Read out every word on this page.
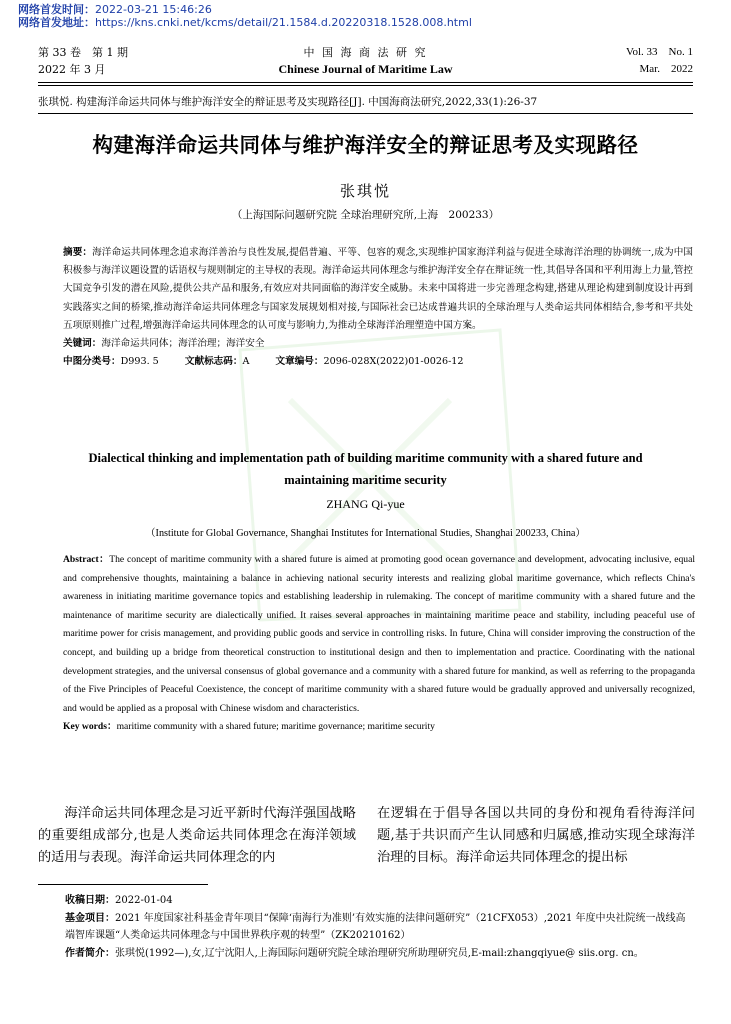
网络首发时间：2022-03-21 15:46:26
网络首发地址：https://kns.cnki.net/kcms/detail/21.1584.d.20220318.1528.008.html
第 33 卷　第 1 期
2022 年 3 月
中 国 海 商 法 研 究
Chinese Journal of Maritime Law
Vol. 33　No. 1
Mar.　2022
张琪悦. 构建海洋命运共同体与维护海洋安全的辩证思考及实现路径[J]. 中国海商法研究,2022,33(1):26-37
构建海洋命运共同体与维护海洋安全的辩证思考及实现路径
张琪悦
（上海国际问题研究院 全球治理研究所,上海　200233）
摘要：海洋命运共同体理念追求海洋善治与良性发展,提倡普遍、平等、包容的观念,实现维护国家海洋利益与促进全球海洋治理的协调统一,成为中国积极参与海洋议题设置的话语权与规则制定的主导权的表现。海洋命运共同体理念与维护海洋安全存在辩证统一性,其倡导各国和平利用海上力量,管控大国竞争引发的潜在风险,提供公共产品和服务,有效应对共同面临的海洋安全威胁。未来中国将进一步完善理念构建,搭建从理论构建到制度设计再到实践落实之间的桥梁,推动海洋命运共同体理念与国家发展规划相对接,与国际社会已达成普遍共识的全球治理与人类命运共同体相结合,参考和平共处五项原则推广过程,增强海洋命运共同体理念的认可度与影响力,为推动全球海洋治理塑造中国方案。
关键词：海洋命运共同体；海洋治理；海洋安全
中图分类号：D993. 5	文献标志码：A	文章编号：2096-028X(2022)01-0026-12
Dialectical thinking and implementation path of building maritime community with a shared future and maintaining maritime security
ZHANG Qi-yue
（Institute for Global Governance, Shanghai Institutes for International Studies, Shanghai 200233, China）
Abstract：The concept of maritime community with a shared future is aimed at promoting good ocean governance and development, advocating inclusive, equal and comprehensive thoughts, maintaining a balance in achieving national security interests and realizing global maritime governance, which reflects China's awareness in initiating maritime governance topics and establishing leadership in rulemaking. The concept of maritime community with a shared future and the maintenance of maritime security are dialectically unified. It raises several approaches in maintaining maritime peace and stability, including peaceful use of maritime power for crisis management, and providing public goods and service in controlling risks. In future, China will consider improving the construction of the concept, and building up a bridge from theoretical construction to institutional design and then to implementation and practice. Coordinating with the national development strategies, and the universal consensus of global governance and a community with a shared future for mankind, as well as referring to the propaganda of the Five Principles of Peaceful Coexistence, the concept of maritime community with a shared future would be gradually approved and universally recognized, and would be applied as a proposal with Chinese wisdom and characteristics.
Key words：maritime community with a shared future; maritime governance; maritime security
海洋命运共同体理念是习近平新时代海洋强国战略的重要组成部分,也是人类命运共同体理念在海洋领域的适用与表现。海洋命运共同体理念的内
在逻辑在于倡导各国以共同的身份和视角看待海洋问题,基于共识而产生认同感和归属感,推动实现全球海洋治理的目标。海洋命运共同体理念的提出标
收稿日期：2022-01-04
基金项目：2021 年度国家社科基金青年项目“保障‘南海行为准则’有效实施的法律问题研究”（21CFX053）,2021 年度中央社院统一战线高端智库课题“人类命运共同体理念与中国世界秩序观的转型”（ZK20210162）
作者简介：张琪悦(1992—),女,辽宁沈阳人,上海国际问题研究院全球治理研究所助理研究员,E-mail:zhangqiyue@ siis.org. cn。
